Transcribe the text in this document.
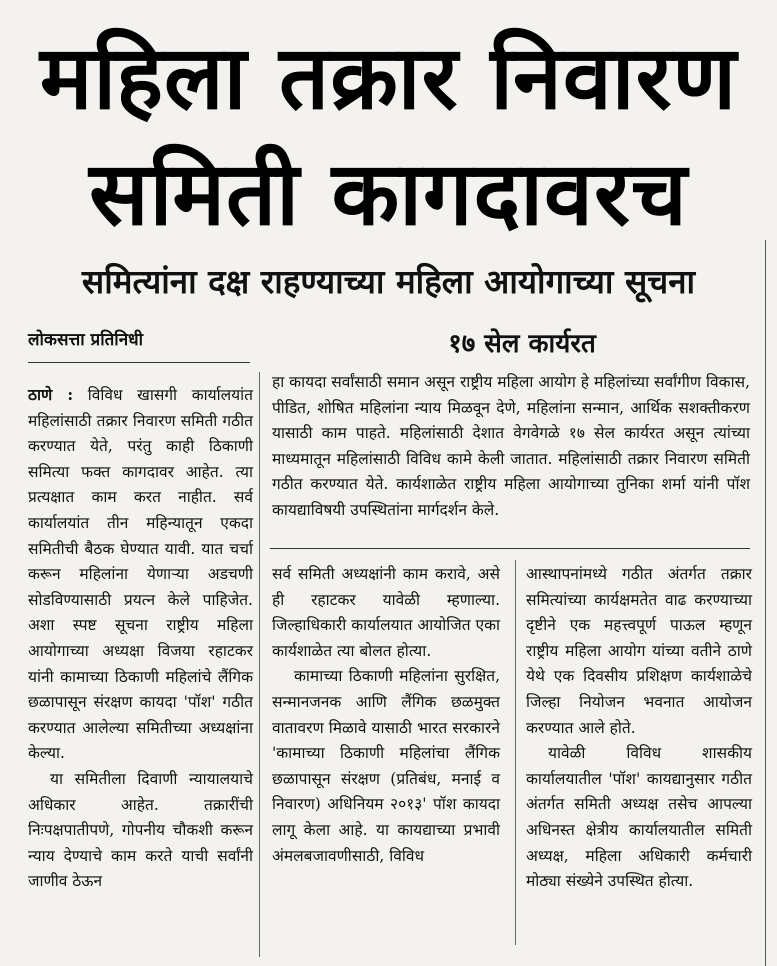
महिला तक्रार निवारण
समिती कागदावरच
समित्यांना दक्ष राहण्याच्या महिला आयोगाच्या सूचना
लोकसत्ता प्रतिनिधी	१७ सेल कार्यरत

हा कायदा सर्वांसाठी समान असून राष्ट्रीय महिला आयोग हे महिलांच्या सर्वांगीण विकास, पीडित, शोषित महिलांना न्याय मिळवून देणे, महिलांना सन्मान, आर्थिक सशक्तीकरण यासाठी काम पाहते. महिलांसाठी देशात वेगवेगळे १७ सेल कार्यरत असून त्यांच्या माध्यमातून महिलांसाठी विविध कामे केली जातात. महिलांसाठी तक्रार निवारण समिती गठीत करण्यात येते. कार्यशाळेत राष्ट्रीय महिला आयोगाच्या तुनिका शर्मा यांनी पॉश कायद्याविषयी उपस्थितांना मार्गदर्शन केले.

ठाणे : विविध खासगी कार्यालयांत महिलांसाठी तक्रार निवारण समिती गठीत करण्यात येते, परंतु काही ठिकाणी समित्या फक्त कागदावर आहेत. त्या प्रत्यक्षात काम करत नाहीत. सर्व कार्यालयांत तीन महिन्यातून एकदा समितीची बैठक घेण्यात यावी. यात चर्चा करून महिलांना येणाऱ्या अडचणी सोडविण्यासाठी प्रयत्न केले पाहिजेत. अशा स्पष्ट सूचना राष्ट्रीय महिला आयोगाच्या अध्यक्षा विजया रहाटकर यांनी कामाच्या ठिकाणी महिलांचे लैंगिक छळापासून संरक्षण कायदा 'पॉश' गठीत करण्यात आलेल्या समितीच्या अध्यक्षांना केल्या.

या समितीला दिवाणी न्यायालयाचे अधिकार आहेत. तक्रारींची निःपक्षपातीपणे, गोपनीय चौकशी करून न्याय देण्याचे काम करते याची सर्वांनी जाणीव ठेऊन

सर्व समिती अध्यक्षांनी काम करावे, असे ही रहाटकर यावेळी म्हणाल्या. जिल्हाधिकारी कार्यालयात आयोजित एका कार्यशाळेत त्या बोलत होत्या.

कामाच्या ठिकाणी महिलांना सुरक्षित, सन्मानजनक आणि लैंगिक छळमुक्त वातावरण मिळावे यासाठी भारत सरकारने 'कामाच्या ठिकाणी महिलांचा लैंगिक छळापासून संरक्षण (प्रतिबंध, मनाई व निवारण) अधिनियम २०१३' पॉश कायदा लागू केला आहे. या कायद्याच्या प्रभावी अंमलबजावणीसाठी, विविध

आस्थापनांमध्ये गठीत अंतर्गत तक्रार समित्यांच्या कार्यक्षमतेत वाढ करण्याच्या दृष्टीने एक महत्त्वपूर्ण पाऊल म्हणून राष्ट्रीय महिला आयोग यांच्या वतीने ठाणे येथे एक दिवसीय प्रशिक्षण कार्यशाळेचे जिल्हा नियोजन भवनात आयोजन करण्यात आले होते.

यावेळी विविध शासकीय कार्यालयातील 'पॉश' कायद्यानुसार गठीत अंतर्गत समिती अध्यक्ष तसेच आपल्या अधिनस्त क्षेत्रीय कार्यालयातील समिती अध्यक्ष, महिला अधिकारी कर्मचारी मोठ्या संख्येने उपस्थित होत्या.
